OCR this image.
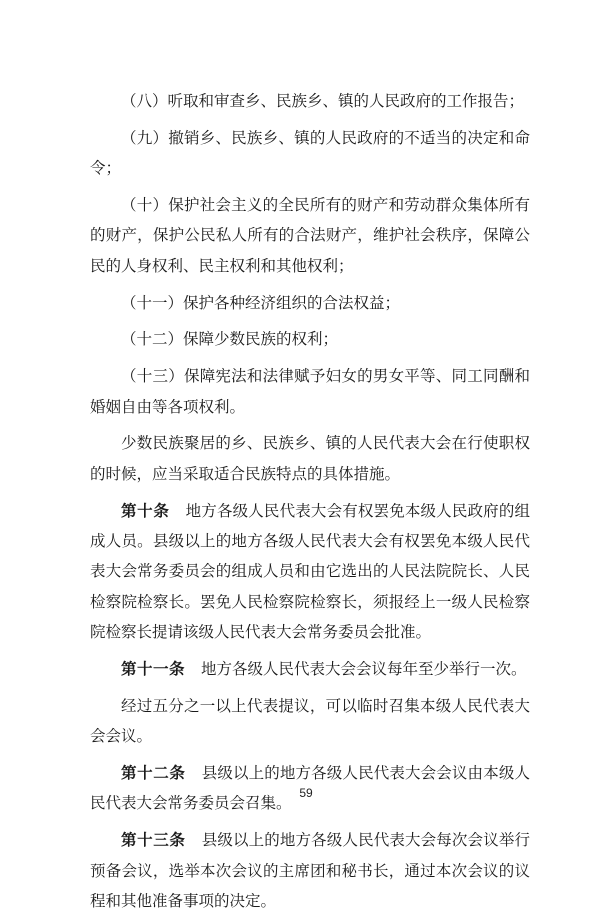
（八）听取和审查乡、民族乡、镇的人民政府的工作报告；

（九）撤销乡、民族乡、镇的人民政府的不适当的决定和命令；

（十）保护社会主义的全民所有的财产和劳动群众集体所有的财产，保护公民私人所有的合法财产，维护社会秩序，保障公民的人身权利、民主权利和其他权利；

（十一）保护各种经济组织的合法权益；

（十二）保障少数民族的权利；

（十三）保障宪法和法律赋予妇女的男女平等、同工同酬和婚姻自由等各项权利。

少数民族聚居的乡、民族乡、镇的人民代表大会在行使职权的时候，应当采取适合民族特点的具体措施。

第十条 地方各级人民代表大会有权罢免本级人民政府的组成人员。县级以上的地方各级人民代表大会有权罢免本级人民代表大会常务委员会的组成人员和由它选出的人民法院院长、人民检察院检察长。罢免人民检察院检察长，须报经上一级人民检察院检察长提请该级人民代表大会常务委员会批准。

第十一条 地方各级人民代表大会会议每年至少举行一次。

经过五分之一以上代表提议，可以临时召集本级人民代表大会会议。

第十二条 县级以上的地方各级人民代表大会会议由本级人民代表大会常务委员会召集。

第十三条 县级以上的地方各级人民代表大会每次会议举行预备会议，选举本次会议的主席团和秘书长，通过本次会议的议程和其他准备事项的决定。

59
